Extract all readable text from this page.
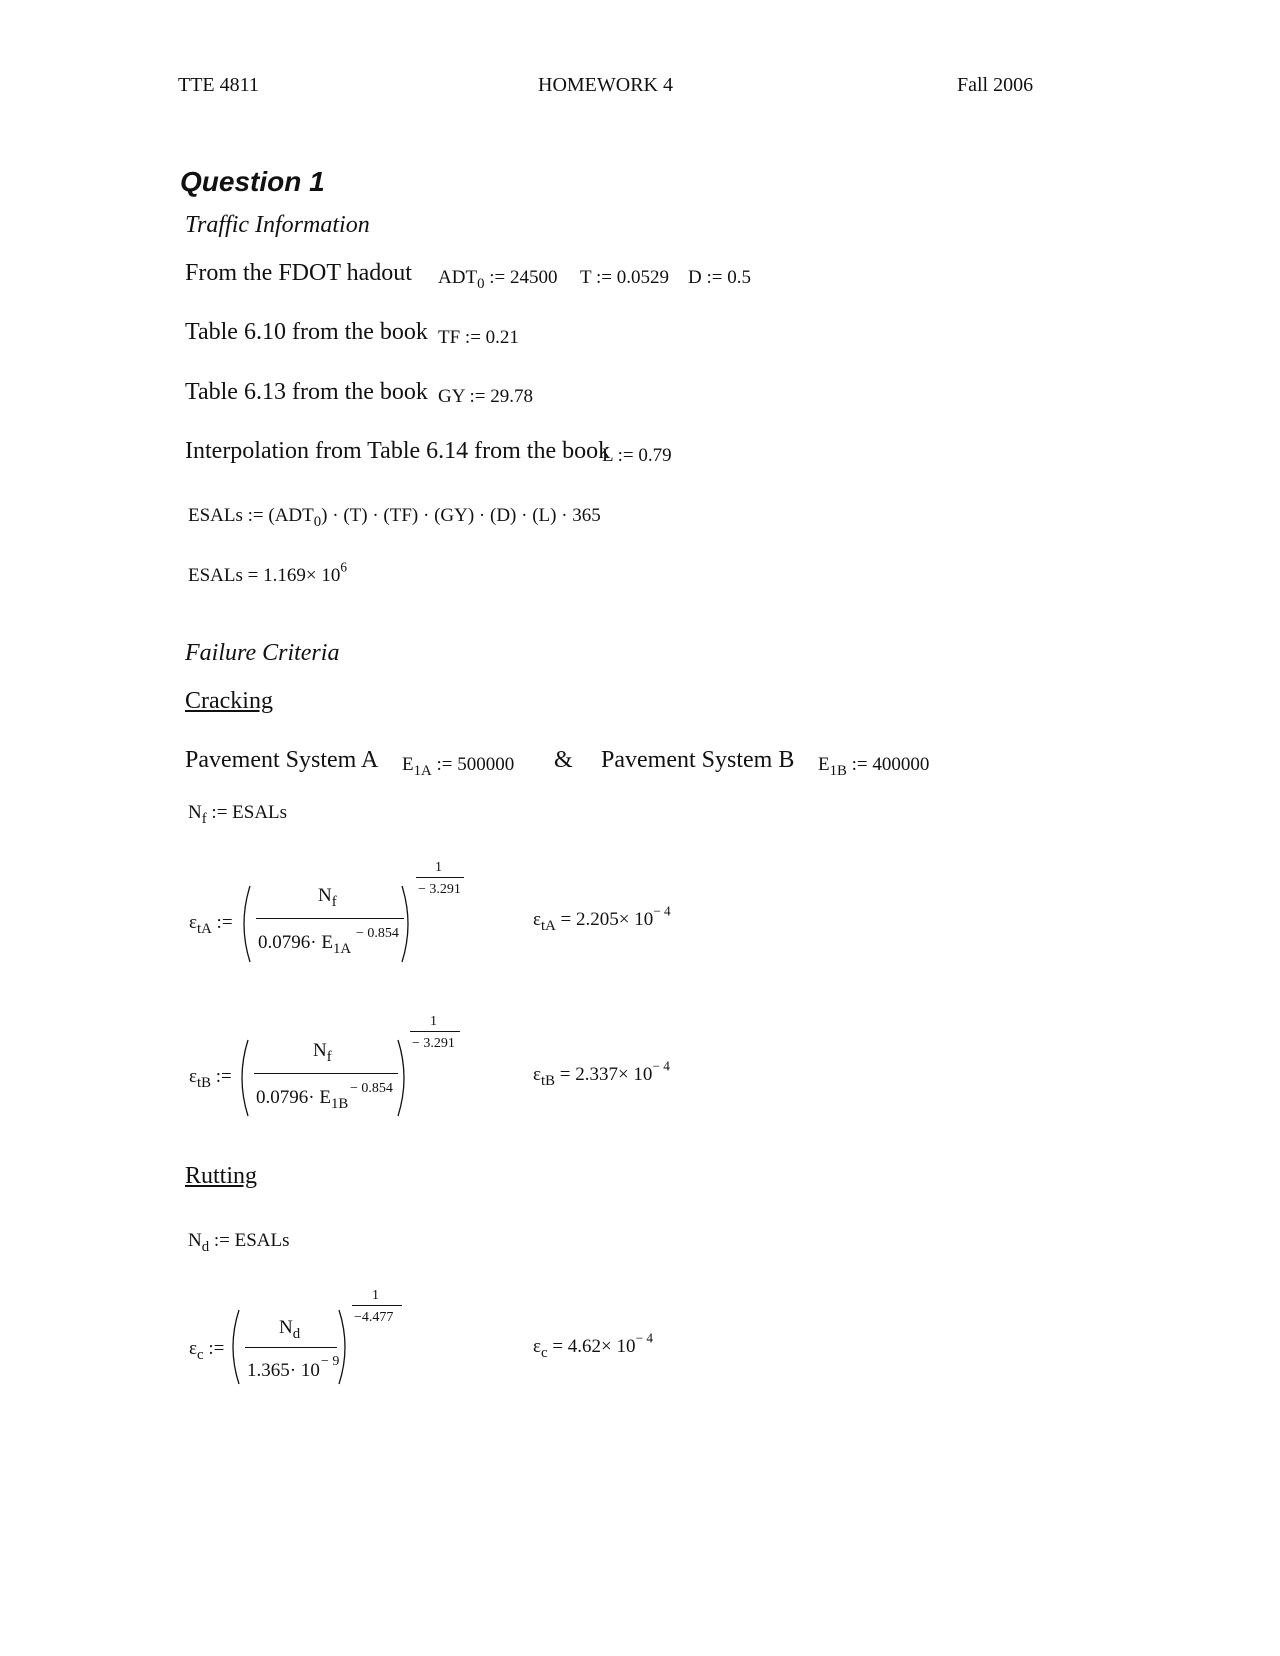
TTE 4811	HOMEWORK 4	Fall 2006
Question 1
Traffic Information
From the FDOT hadout $ADT_0$ := 24500 T := 0.0529 D := 0.5
Table 6.10 from the book TF := 0.21
Table 6.13 from the book GY := 29.78
Interpolation from Table 6.14 from the book
L := 0.79
ESALs := $(ADT_0) \cdot (T) \cdot (TF) \cdot (GY) \cdot (D) \cdot (L) \cdot 365$
ESALs = $1.169\times 10^6$
Failure Criteria
Cracking
Pavement System A $E_{1A}$ := 500000 & Pavement System B $E_{1B}$ := 400000
$N_f$ := ESALs
$\varepsilon_{tA}$ :=
$N_f$
$0.0796\cdot E_{1A}$
− 0.854
1
− 3.291
$\varepsilon_{tA} = 2.205\times 10^{- 4}$
$\varepsilon_{tB}$ :=
$N_f$
$0.0796\cdot E_{1B}$
− 0.854
1
− 3.291
$\varepsilon_{tB} = 2.337\times 10^{- 4}$
Rutting
$N_d$ := ESALs
$\varepsilon_c$ :=
$N_d$
1.365· 10 − 9
1
−4.477
$\varepsilon_c = 4.62\times 10^{- 4}$
